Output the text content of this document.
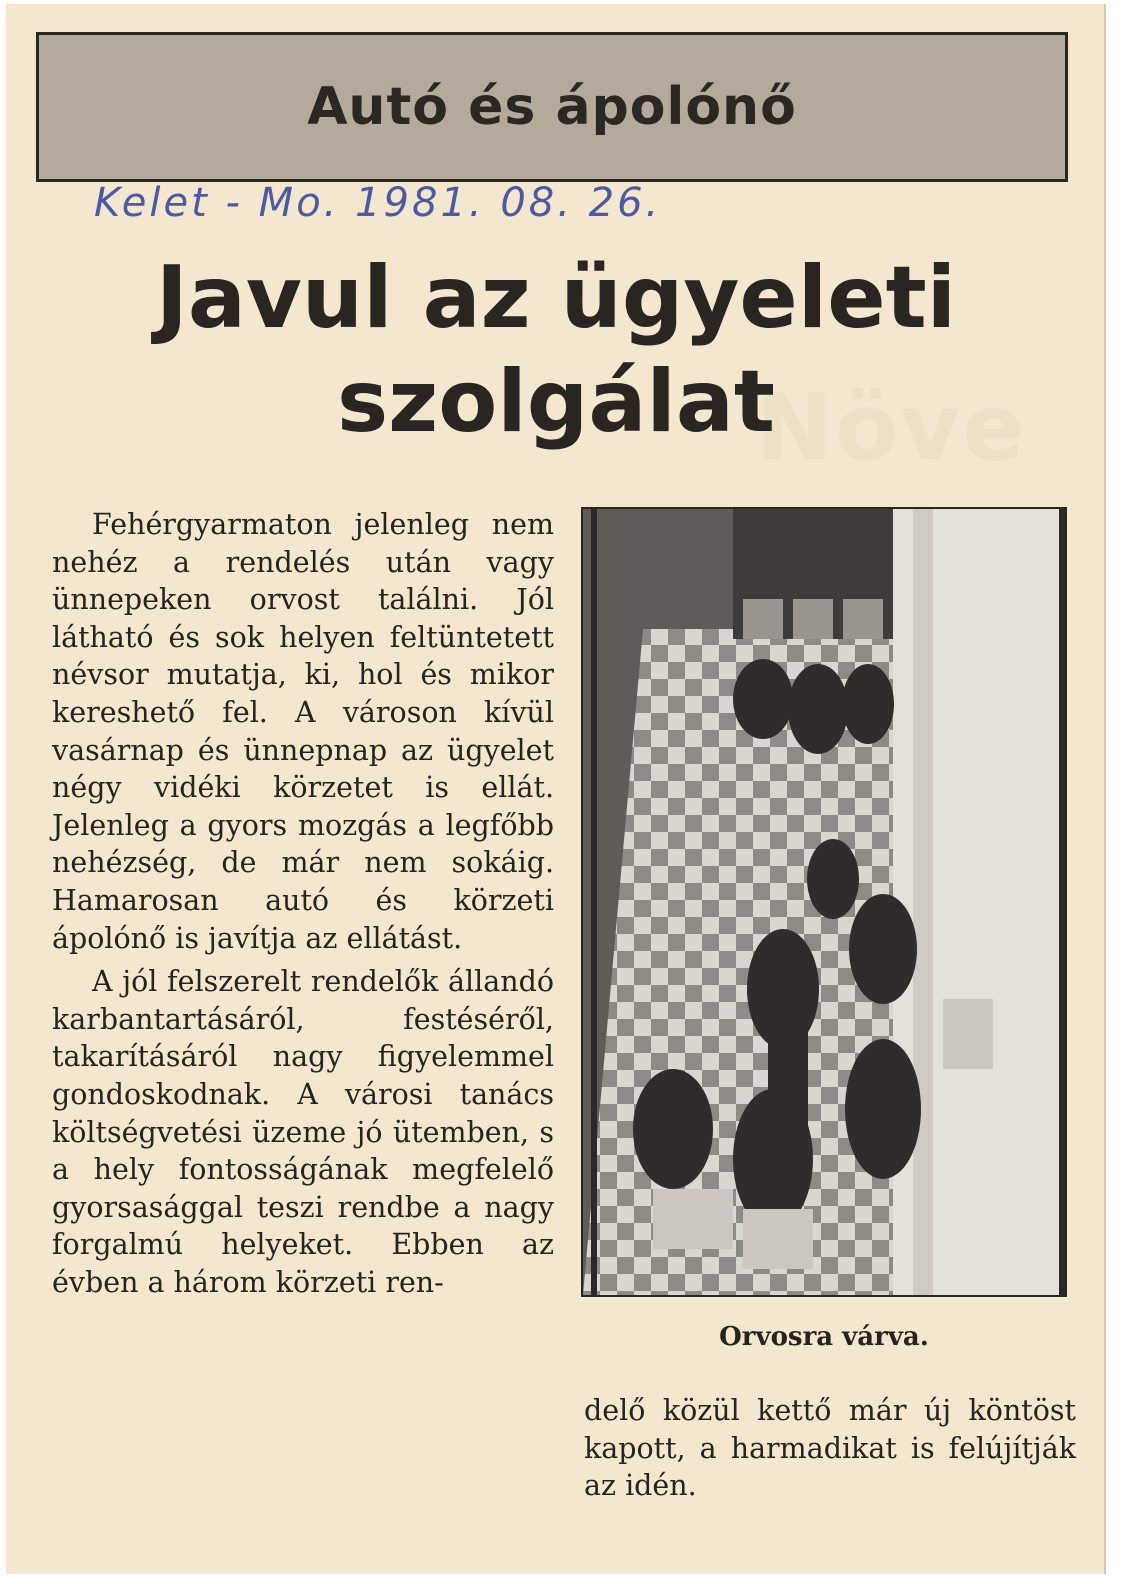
Növe
Autó és ápolónő
Kelet - Mo. 1981. 08. 26.
Javul az ügyeleti szolgálat

Fehérgyarmaton jelenleg nem nehéz a rendelés után vagy ünnepeken orvost találni. Jól látható és sok helyen feltüntetett névsor mutatja, ki, hol és mikor kereshető fel. A városon kívül vasárnap és ünnepnap az ügyelet négy vidéki körzetet is ellát. Jelenleg a gyors mozgás a legfőbb nehézség, de már nem sokáig. Hamarosan autó és körzeti ápolónő is javítja az ellátást.

A jól felszerelt rendelők állandó karbantartásáról, festéséről, takarításáról nagy figyelemmel gondoskodnak. A városi tanács költségvetési üzeme jó ütemben, s a hely fontosságának megfelelő gyorsasággal teszi rendbe a nagy forgalmú helyeket. Ebben az évben a három körzeti ren-

Orvosra várva.

delő közül kettő már új köntöst kapott, a harmadikat is felújítják az idén.
